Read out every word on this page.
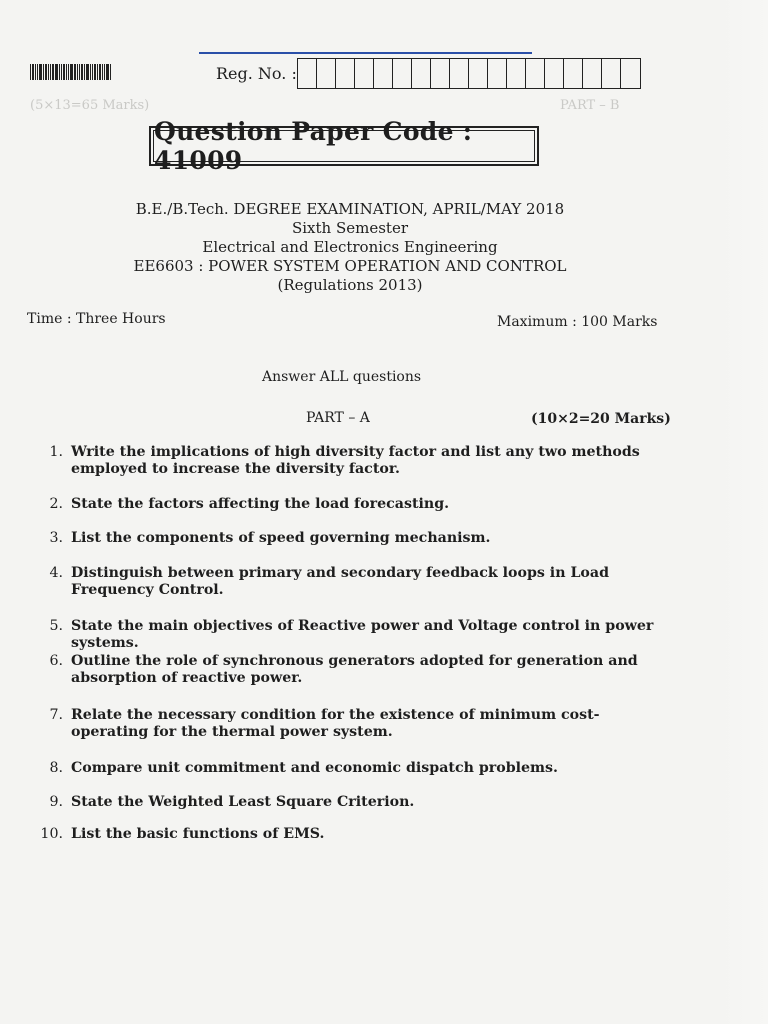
(5×13=65 Marks)	PART – B
Reg. No. :
Question Paper Code : 41009
B.E./B.Tech. DEGREE EXAMINATION, APRIL/MAY 2018
Sixth Semester
Electrical and Electronics Engineering
EE6603 : POWER SYSTEM OPERATION AND CONTROL
(Regulations 2013)
Time : Three Hours	Maximum : 100 Marks
Answer ALL questions
PART – A	(10×2=20 Marks)
1. Write the implications of high diversity factor and list any two methods employed to increase the diversity factor.
2. State the factors affecting the load forecasting.
3. List the components of speed governing mechanism.
4. Distinguish between primary and secondary feedback loops in Load Frequency Control.
5. State the main objectives of Reactive power and Voltage control in power systems.
6. Outline the role of synchronous generators adopted for generation and absorption of reactive power.
7. Relate the necessary condition for the existence of minimum cost-operating for the thermal power system.
8. Compare unit commitment and economic dispatch problems.
9. State the Weighted Least Square Criterion.
10. List the basic functions of EMS.
